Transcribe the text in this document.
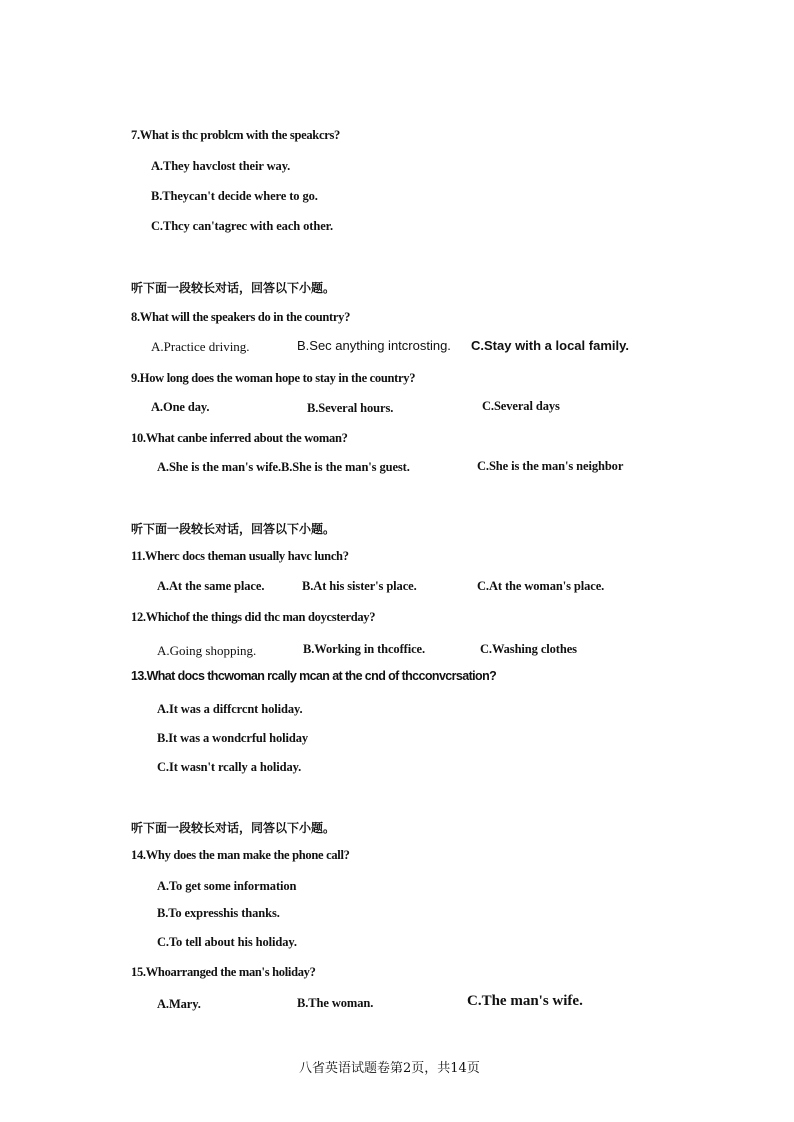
7.What is thc problcm with the speakcrs?
A.They havclost their way.
B.Theycan't decide where to go.
C.Thcy can'tagrec with each other.
听下面一段较长对话，回答以下小题。
8.What will the speakers do in the country?
A.Practice driving.	B.Sec anything intcrosting. C.Stay with a local family.
9.How long does the woman hope to stay in the country?
A.One day.	B.Several hours.	C.Several days
10.What canbe inferred about the woman?
A.She is the man's wife.B.She is the man's guest.	C.She is the man's neighbor
听下面一段较长对话，回答以下小题。
11.Wherc docs theman usually havc lunch?
A.At the same place.	B.At his sister's place.	C.At the woman's place.
12.Whichof the things did thc man doycsterday?
A.Going shopping.	B.Working in thcoffice.	C.Washing clothes
13.What docs thcwoman rcally mcan at the cnd of thcconvcrsation?
A.It was a diffcrcnt holiday.
B.It was a wondcrful holiday
C.It wasn't rcally a holiday.
听下面一段较长对话，同答以下小题。
14.Why does the man make the phone call?
A.To get some information
B.To expresshis thanks.
C.To tell about his holiday.
15.Whoarranged the man's holiday?
A.Mary.	B.The woman.	C.The man's wife.
八省英语试题卷第2页，共14页
